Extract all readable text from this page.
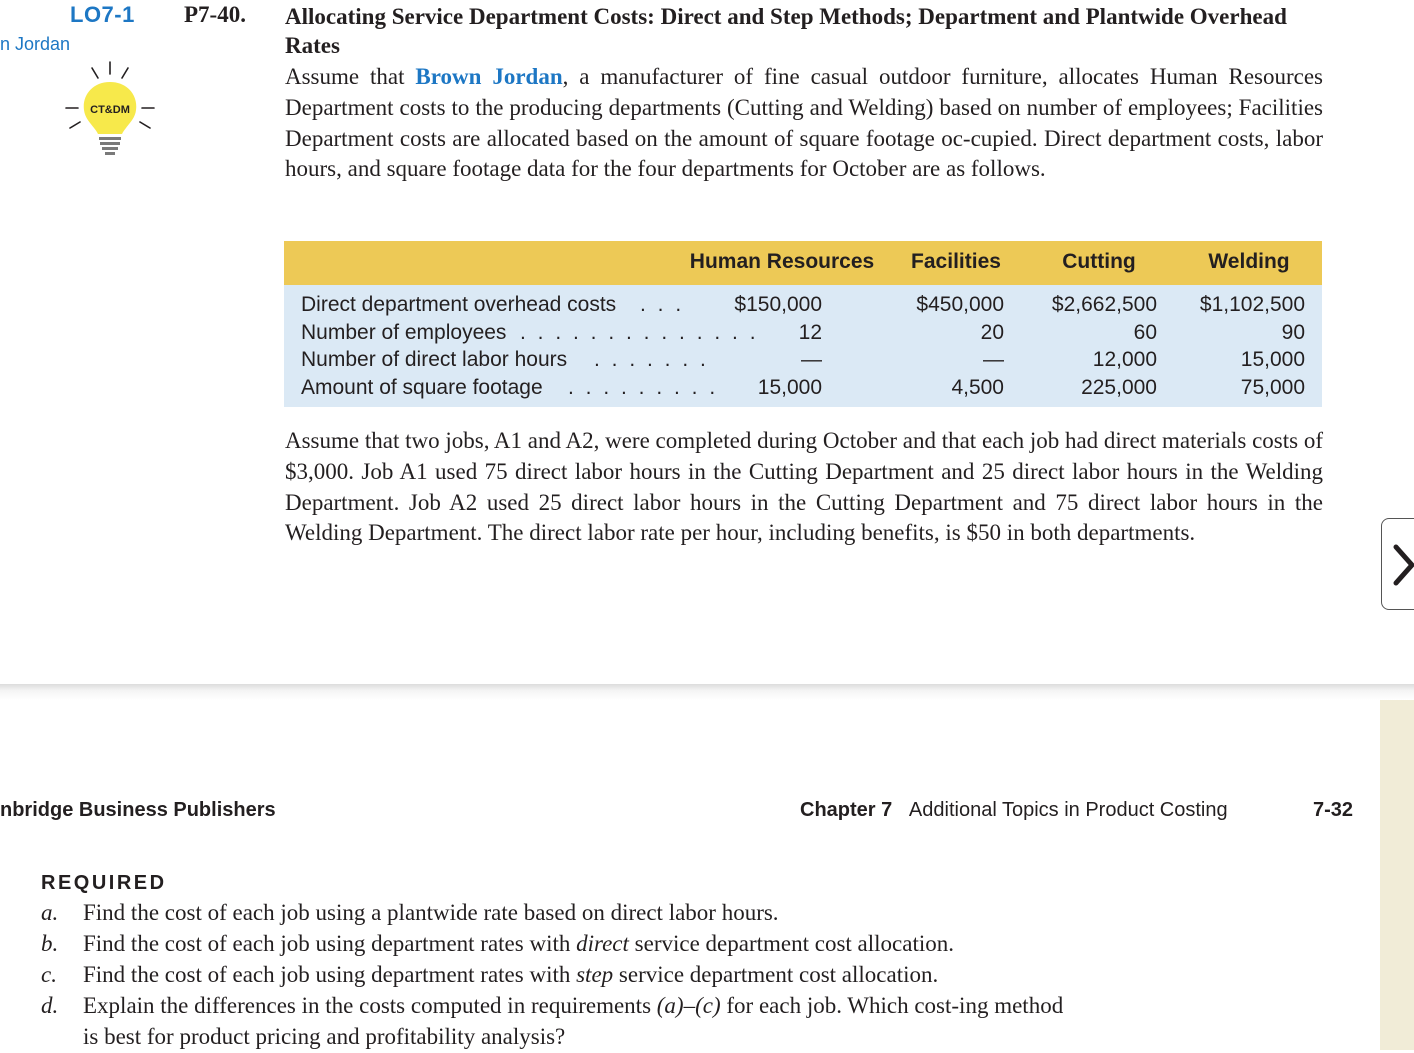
LO7-1
n Jordan
CT&DM
P7-40. Allocating Service Department Costs: Direct and Step Methods; Department and Plantwide Overhead Rates
Assume that Brown Jordan, a manufacturer of fine casual outdoor furniture, allocates Human Resources Department costs to the producing departments (Cutting and Welding) based on number of employees; Facilities Department costs are allocated based on the amount of square footage oc-cupied. Direct department costs, labor hours, and square footage data for the four departments for October are as follows.
Human Resources	Facilities	Cutting	Welding
Direct department overhead costs . . .	$150,000	$450,000	$2,662,500	$1,102,500
Number of employees . . . . . . . . . . . . . .	12	20	60	90
Number of direct labor hours . . . . . . .	—	—	12,000	15,000
Amount of square footage . . . . . . . . .	15,000	4,500	225,000	75,000
Assume that two jobs, A1 and A2, were completed during October and that each job had direct materials costs of $3,000. Job A1 used 75 direct labor hours in the Cutting Department and 25 direct labor hours in the Welding Department. Job A2 used 25 direct labor hours in the Cutting Department and 75 direct labor hours in the Welding Department. The direct labor rate per hour, including benefits, is $50 in both departments.
nbridge Business Publishers	Chapter 7 Additional Topics in Product Costing	7-32
REQUIRED
a. Find the cost of each job using a plantwide rate based on direct labor hours.
b. Find the cost of each job using department rates with direct service department cost allocation.
c. Find the cost of each job using department rates with step service department cost allocation.
d. Explain the differences in the costs computed in requirements (a)–(c) for each job. Which cost-ing method is best for product pricing and profitability analysis?
